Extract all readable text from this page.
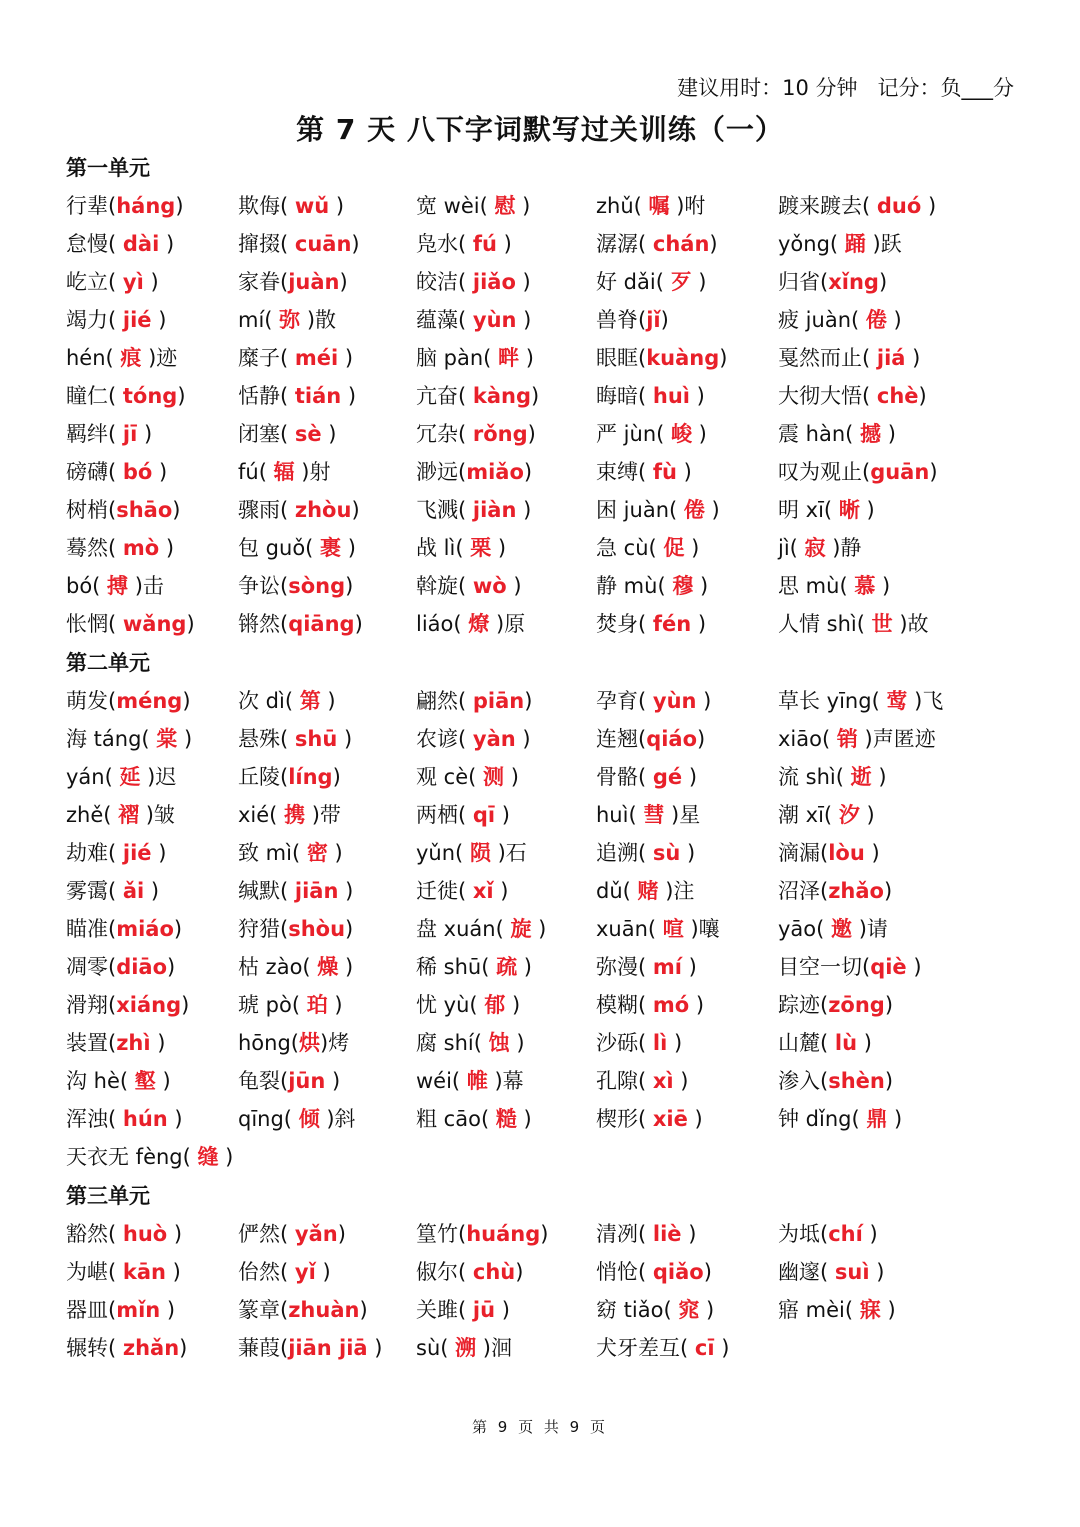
建议用时：10 分钟   记分：负___分
第 7 天 八下字词默写过关训练（一）
第一单元
行辈(háng)	欺侮( wǔ )	宽 wèi( 慰 )	zhǔ( 嘱 )咐	踱来踱去( duó )
怠慢( dài )	撺掇( cuān)	凫水( fú )	潺潺( chán)	yǒng( 踊 )跃
屹立( yì )	家眷(juàn)	皎洁( jiǎo )	好 dǎi( 歹 )	归省(xǐng)
竭力( jié )	mí( 弥 )散	蕴藻( yùn )	兽脊(jǐ)	疲 juàn( 倦 )
hén( 痕 )迹	糜子( méi )	脑 pàn( 畔 )	眼眶(kuàng) 戛然而止( jiá )
瞳仁( tóng) 恬静( tián )	亢奋( kàng)	晦暗( huì )	大彻大悟( chè)
羁绊( jī )	闭塞( sè )	冗杂( rǒng)	严 jùn( 峻 )	震 hàn( 撼 )
磅礴( bó )	fú( 辐 )射	渺远(miǎo)	束缚( fù )	叹为观止(guān)
树梢(shāo)	骤雨( zhòu)	飞溅( jiàn )	困 juàn( 倦 )	明 xī( 晰 )
蓦然( mò )	包 guǒ( 裹 )	战 lì( 栗 )	急 cù( 促 )	jì( 寂 )静
bó( 搏 )击	争讼(sòng)	斡旋( wò )	静 mù( 穆 )	思 mù( 慕 )
怅惘( wǎng) 锵然(qiāng)	liáo( 燎 )原	焚身( fén )	人情 shì( 世 )故
第二单元
萌发(méng) 次 dì( 第 )	翩然( piān)	孕育( yùn )	草长 yīng( 莺 )飞
海 táng( 棠 ) 悬殊( shū )	农谚( yàn )	连翘(qiáo)	xiāo( 销 )声匿迹
yán( 延 )迟	丘陵(líng)	观 cè( 测 )	骨骼( gé )	流 shì( 逝 )
zhě( 褶 )皱	xié( 携 )带	两栖( qī )	huì( 彗 )星	潮 xī( 汐 )
劫难( jié )	致 mì( 密 )	yǔn( 陨 )石	追溯( sù )	滴漏(lòu )
雾霭( ǎi )	缄默( jiān )	迁徙( xǐ )	dǔ( 赌 )注	沼泽(zhǎo)
瞄准(miáo)	狩猎(shòu)	盘 xuán( 旋 ) xuān( 喧 )嚷	yāo( 邀 )请
凋零(diāo)	枯 zào( 燥 )	稀 shū( 疏 )	弥漫( mí )	目空一切(qiè )
滑翔(xiáng) 琥 pò( 珀 )	忧 yù( 郁 )	模糊( mó )	踪迹(zōng)
装置(zhì )	hōng(烘)烤	腐 shí( 蚀 )	沙砾( lì )	山麓( lù )
沟 hè( 壑 )	龟裂(jūn )	wéi( 帷 )幕	孔隙( xì )	渗入(shèn)
浑浊( hún )	qīng( 倾 )斜	粗 cāo( 糙 )	楔形( xiē )	钟 dǐng( 鼎 )
天衣无 fèng( 缝 )
第三单元
豁然( huò )	俨然( yǎn)	篁竹(huáng) 清冽( liè )	为坻(chí )
为嵁( kān )	佁然( yǐ )	俶尔( chù)	悄怆( qiǎo)	幽邃( suì )
器皿(mǐn )	篆章(zhuàn) 关雎( jū )	窈 tiǎo( 窕 )	寤 mèi( 寐 )
辗转( zhǎn) 蒹葭(jiān jiā ) sù( 溯 )洄	犬牙差互( cī )
第 9 页 共 9 页
